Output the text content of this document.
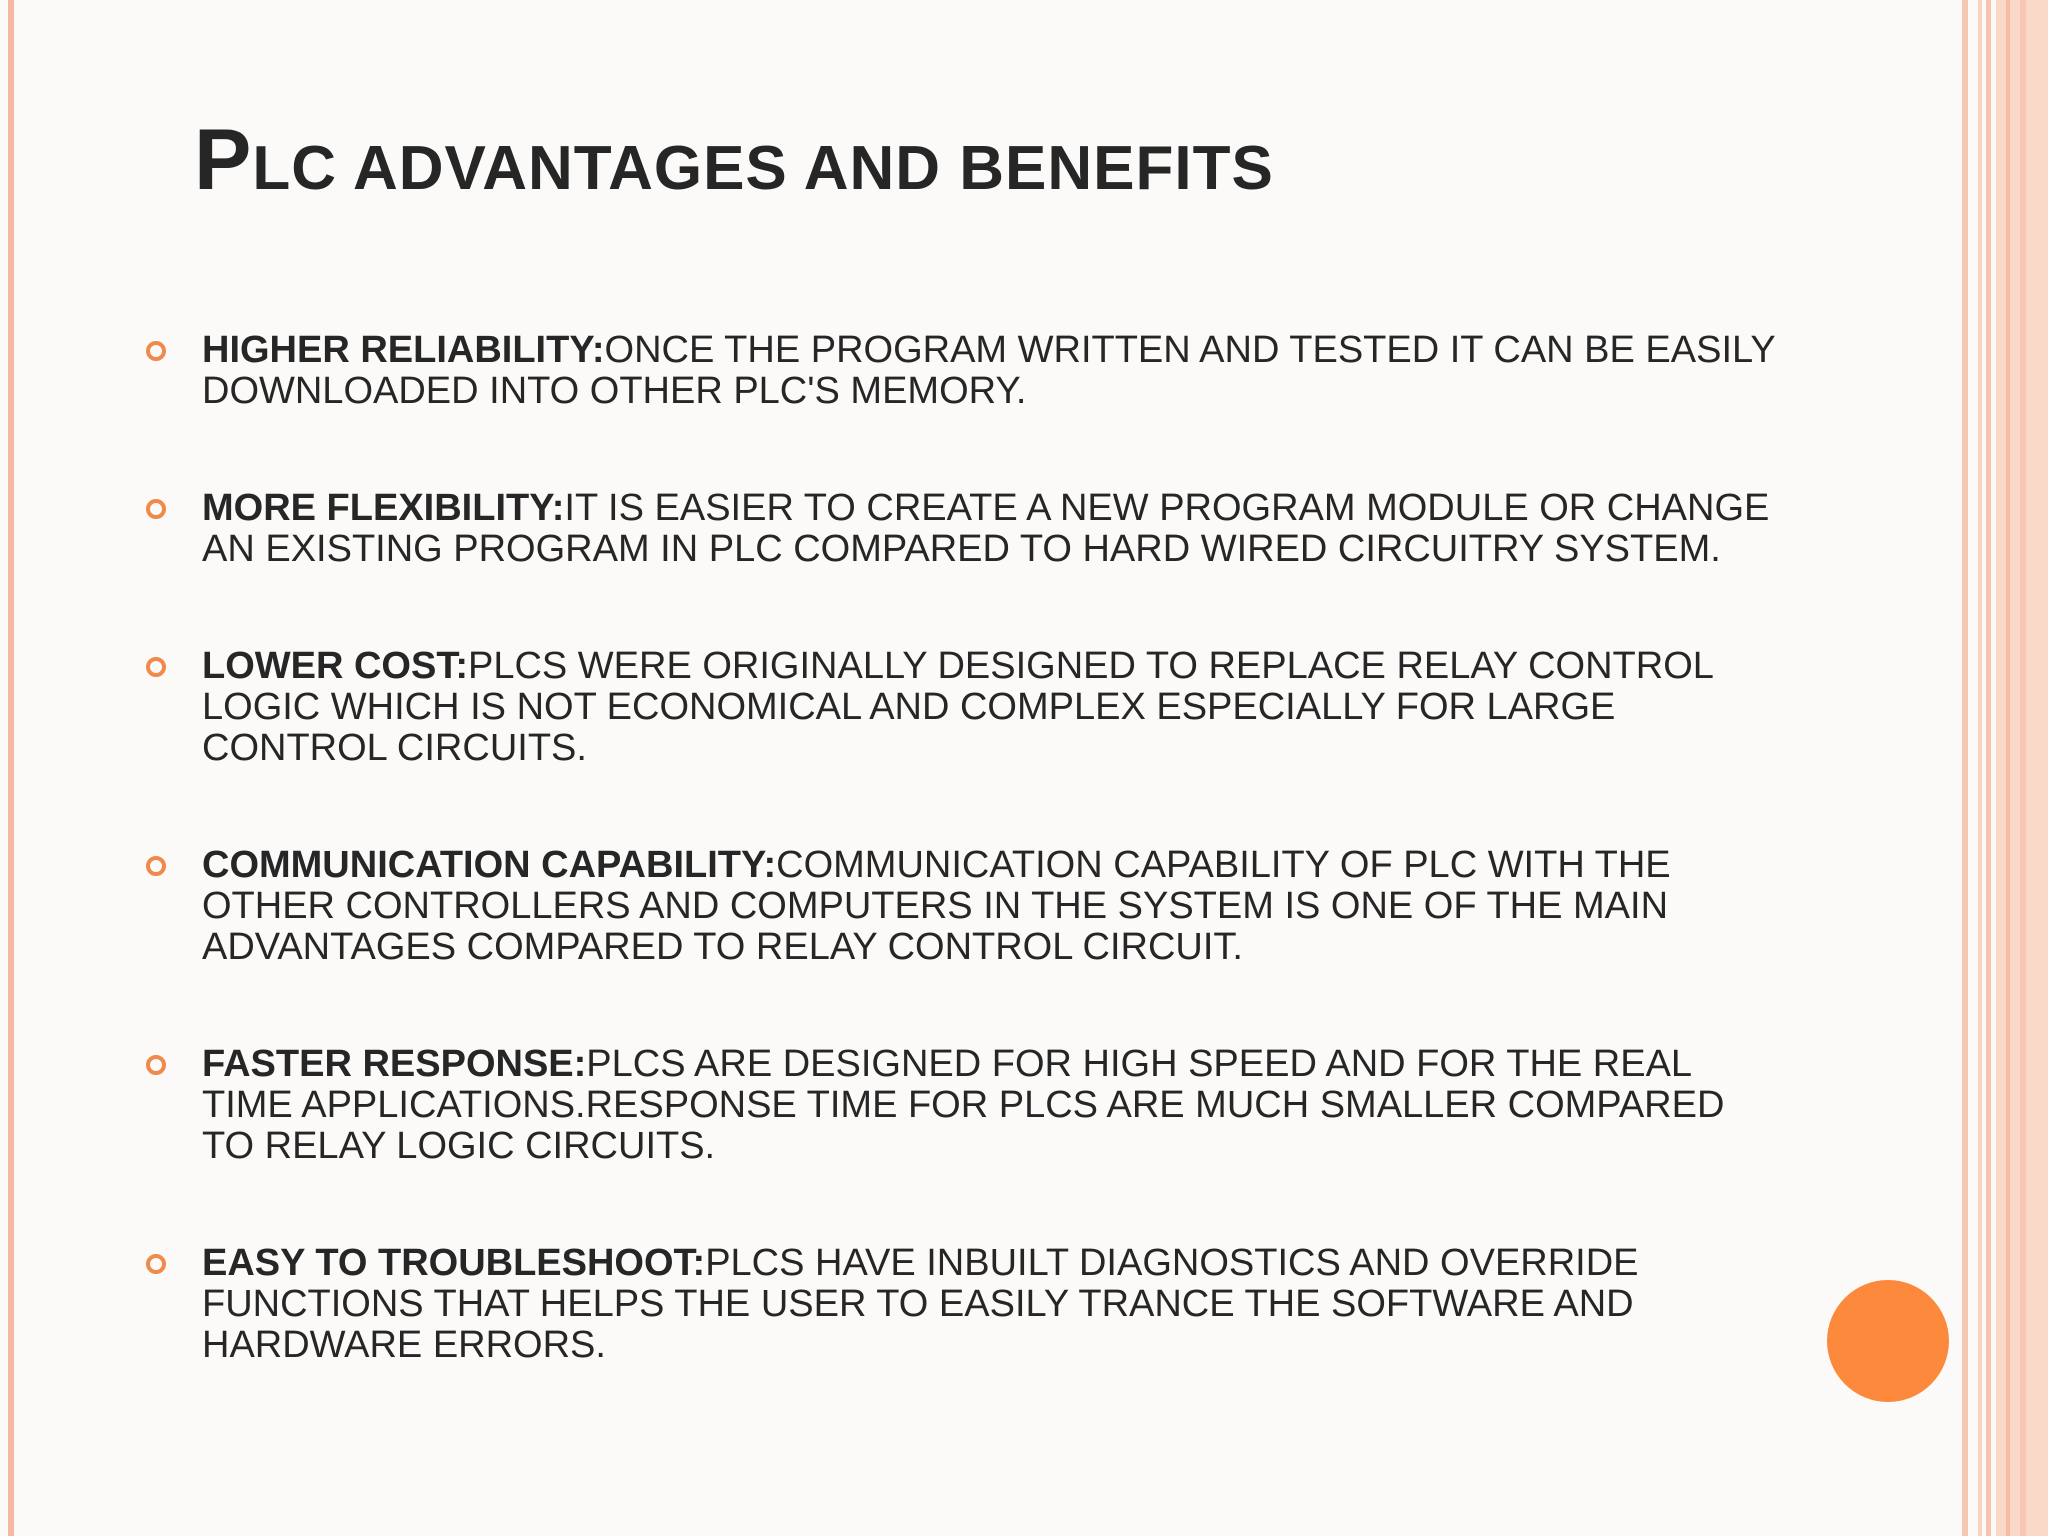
PLC ADVANTAGES AND BENEFITS
HIGHER RELIABILITY:ONCE THE PROGRAM WRITTEN AND TESTED IT CAN BE EASILY DOWNLOADED INTO OTHER PLC'S MEMORY.
MORE FLEXIBILITY:IT IS EASIER TO CREATE A NEW PROGRAM MODULE OR CHANGE AN EXISTING PROGRAM IN PLC COMPARED TO HARD WIRED CIRCUITRY SYSTEM.
LOWER COST:PLCS WERE ORIGINALLY DESIGNED TO REPLACE RELAY CONTROL LOGIC WHICH IS NOT ECONOMICAL AND COMPLEX ESPECIALLY FOR LARGE CONTROL CIRCUITS.
COMMUNICATION CAPABILITY:COMMUNICATION CAPABILITY OF PLC WITH THE OTHER CONTROLLERS AND COMPUTERS IN THE SYSTEM IS ONE OF THE MAIN ADVANTAGES COMPARED TO RELAY CONTROL CIRCUIT.
FASTER RESPONSE:PLCS ARE DESIGNED FOR HIGH SPEED AND FOR THE REAL TIME APPLICATIONS.RESPONSE TIME FOR PLCS ARE MUCH SMALLER COMPARED TO RELAY LOGIC CIRCUITS.
EASY TO TROUBLESHOOT:PLCS HAVE INBUILT DIAGNOSTICS AND OVERRIDE FUNCTIONS THAT HELPS THE USER TO EASILY TRANCE THE SOFTWARE AND HARDWARE ERRORS.
